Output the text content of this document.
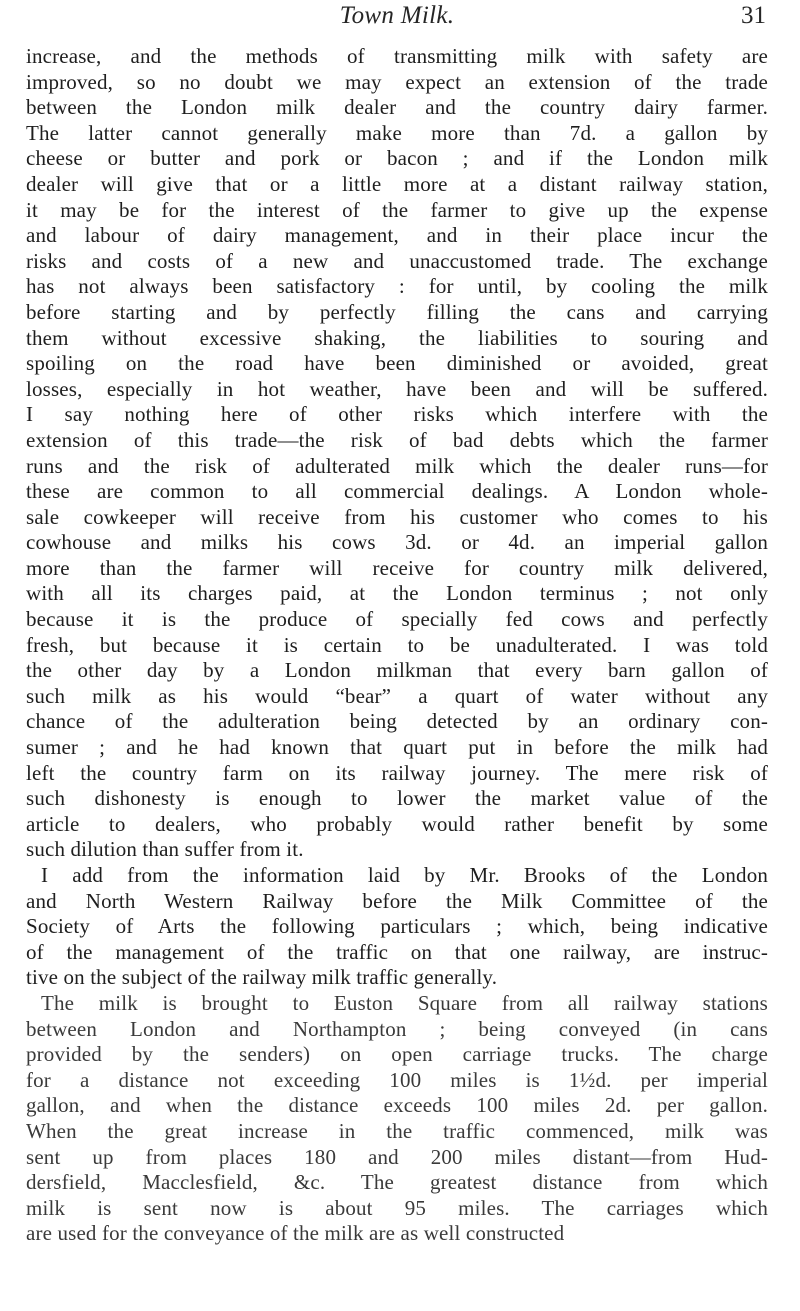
Town Milk.	31
increase, and the methods of transmitting milk with safety are
improved, so no doubt we may expect an extension of the trade
between the London milk dealer and the country dairy farmer.
The latter cannot generally make more than 7d. a gallon by
cheese or butter and pork or bacon ; and if the London milk
dealer will give that or a little more at a distant railway station,
it may be for the interest of the farmer to give up the expense
and labour of dairy management, and in their place incur the
risks and costs of a new and unaccustomed trade. The exchange
has not always been satisfactory : for until, by cooling the milk
before starting and by perfectly filling the cans and carrying
them without excessive shaking, the liabilities to souring and
spoiling on the road have been diminished or avoided, great
losses, especially in hot weather, have been and will be suffered.
I say nothing here of other risks which interfere with the
extension of this trade—the risk of bad debts which the farmer
runs and the risk of adulterated milk which the dealer runs—for
these are common to all commercial dealings. A London whole-
sale cowkeeper will receive from his customer who comes to his
cowhouse and milks his cows 3d. or 4d. an imperial gallon
more than the farmer will receive for country milk delivered,
with all its charges paid, at the London terminus ; not only
because it is the produce of specially fed cows and perfectly
fresh, but because it is certain to be unadulterated. I was told
the other day by a London milkman that every barn gallon of
such milk as his would “bear” a quart of water without any
chance of the adulteration being detected by an ordinary con-
sumer ; and he had known that quart put in before the milk had
left the country farm on its railway journey. The mere risk of
such dishonesty is enough to lower the market value of the
article to dealers, who probably would rather benefit by some
such dilution than suffer from it.
I add from the information laid by Mr. Brooks of the London
and North Western Railway before the Milk Committee of the
Society of Arts the following particulars ; which, being indicative
of the management of the traffic on that one railway, are instruc-
tive on the subject of the railway milk traffic generally.
The milk is brought to Euston Square from all railway stations
between London and Northampton ; being conveyed (in cans
provided by the senders) on open carriage trucks. The charge
for a distance not exceeding 100 miles is 1½d. per imperial
gallon, and when the distance exceeds 100 miles 2d. per gallon.
When the great increase in the traffic commenced, milk was
sent up from places 180 and 200 miles distant—from Hud-
dersfield, Macclesfield, &c. The greatest distance from which
milk is sent now is about 95 miles. The carriages which
are used for the conveyance of the milk are as well constructed
